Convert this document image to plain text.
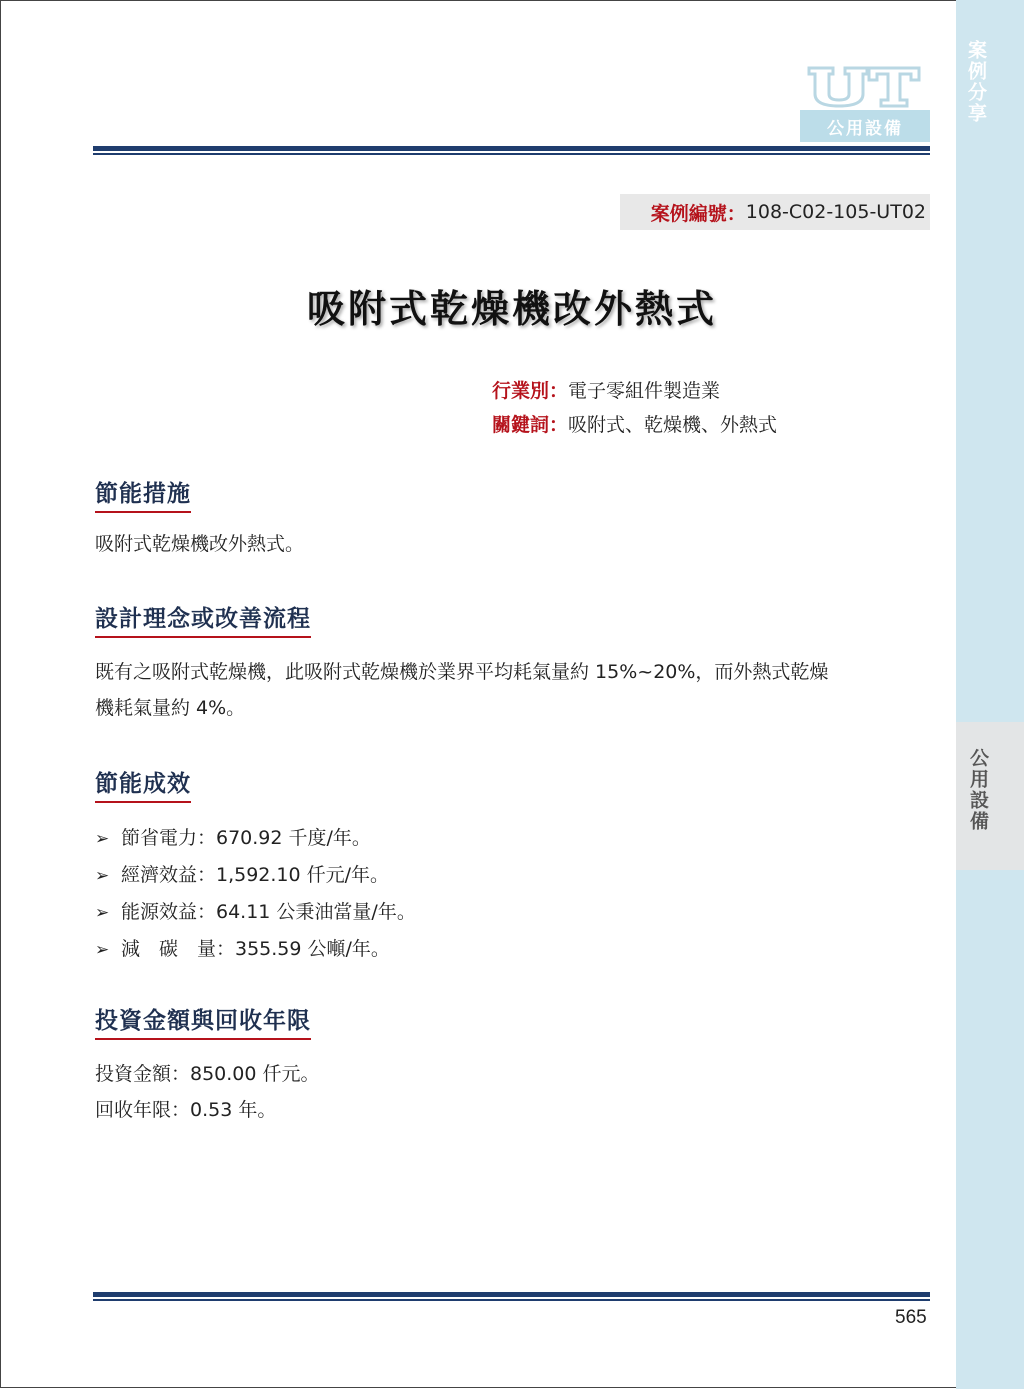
案例分享
公用設備
公用設備
案例編號： 108-C02-105-UT02
吸附式乾燥機改外熱式
行業別：電子零組件製造業
關鍵詞：吸附式、乾燥機、外熱式
節能措施
吸附式乾燥機改外熱式。
設計理念或改善流程
既有之吸附式乾燥機，此吸附式乾燥機於業界平均耗氣量約 15%~20%，而外熱式乾燥
機耗氣量約 4%。
節能成效
➢ 節省電力：670.92 千度/年。
➢ 經濟效益：1,592.10 仟元/年。
➢ 能源效益：64.11 公秉油當量/年。
➢ 減　碳　量：355.59 公噸/年。
投資金額與回收年限
投資金額：850.00 仟元。
回收年限：0.53 年。
565
